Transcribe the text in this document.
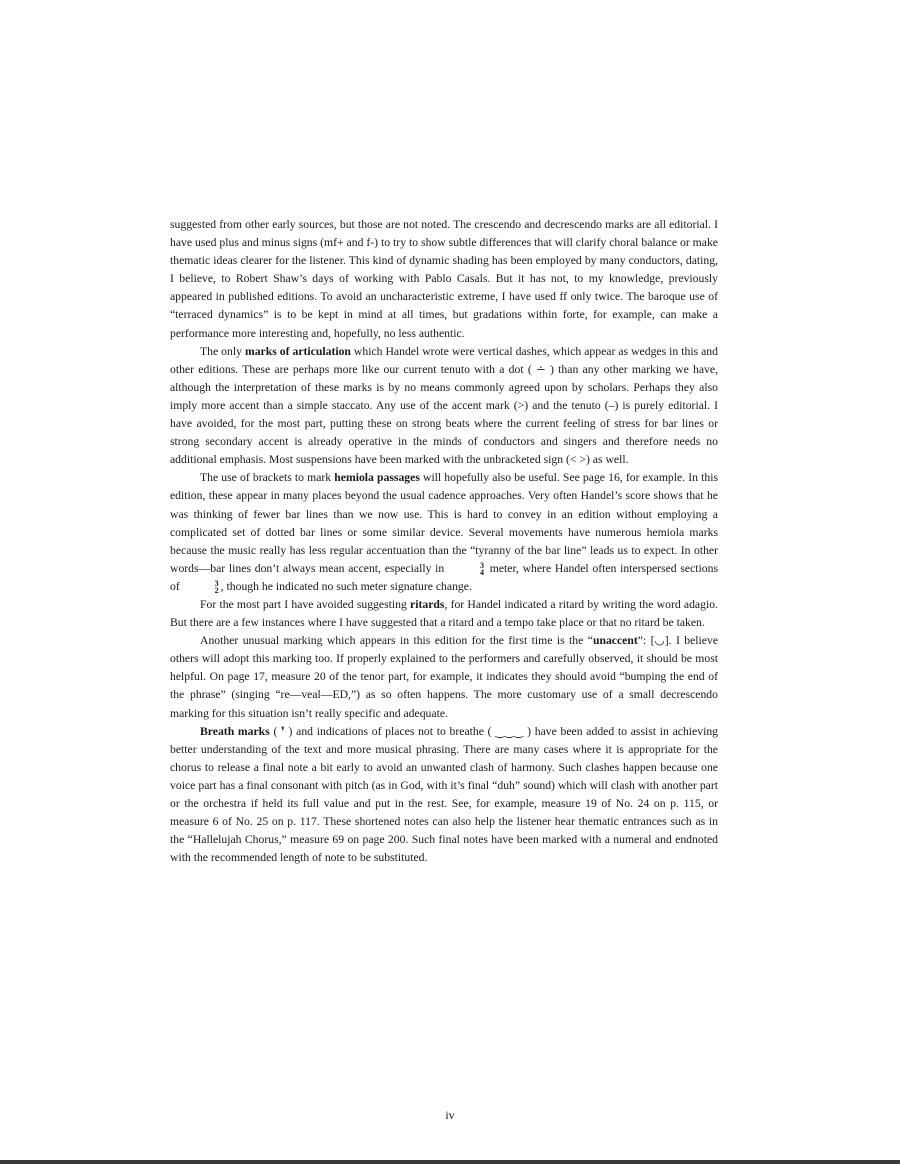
suggested from other early sources, but those are not noted. The crescendo and decrescendo marks are all editorial. I have used plus and minus signs (mf+ and f-) to try to show subtle differences that will clarify choral balance or make thematic ideas clearer for the listener. This kind of dynamic shading has been employed by many conductors, dating, I believe, to Robert Shaw’s days of working with Pablo Casals. But it has not, to my knowledge, previously appeared in published editions. To avoid an uncharacteristic extreme, I have used ff only twice. The baroque use of “terraced dynamics” is to be kept in mind at all times, but gradations within forte, for example, can make a performance more interesting and, hopefully, no less authentic.

The only marks of articulation which Handel wrote were vertical dashes, which appear as wedges in this and other editions. These are perhaps more like our current tenuto with a dot ( ∸ ) than any other marking we have, although the interpretation of these marks is by no means commonly agreed upon by scholars. Perhaps they also imply more accent than a simple staccato. Any use of the accent mark (>) and the tenuto (–) is purely editorial. I have avoided, for the most part, putting these on strong beats where the current feeling of stress for bar lines or strong secondary accent is already operative in the minds of conductors and singers and therefore needs no additional emphasis. Most suspensions have been marked with the unbracketed sign (< >) as well.

The use of brackets to mark hemiola passages will hopefully also be useful. See page 16, for example. In this edition, these appear in many places beyond the usual cadence approaches. Very often Handel’s score shows that he was thinking of fewer bar lines than we now use. This is hard to convey in an edition without employing a complicated set of dotted bar lines or some similar device. Several movements have numerous hemiola marks because the music really has less regular accentuation than the “tyranny of the bar line” leads us to expect. In other words—bar lines don’t always mean accent, especially in	3
4 meter, where Handel often interspersed sections of	3
2 , though he indicated no such meter signature change.

For the most part I have avoided suggesting ritards, for Handel indicated a ritard by writing the word adagio. But there are a few instances where I have suggested that a ritard and a tempo take place or that no ritard be taken.

Another unusual marking which appears in this edition for the first time is the “unaccent”: [◡]. I believe others will adopt this marking too. If properly explained to the performers and carefully observed, it should be most helpful. On page 17, measure 20 of the tenor part, for example, it indicates they should avoid “bumping the end of the phrase” (singing “re—veal—ED,”) as so often happens. The more customary use of a small decrescendo marking for this situation isn’t really specific and adequate.

Breath marks ( ❜ ) and indications of places not to breathe ( ‿‿‿ ) have been added to assist in achieving better understanding of the text and more musical phrasing. There are many cases where it is appropriate for the chorus to release a final note a bit early to avoid an unwanted clash of harmony. Such clashes happen because one voice part has a final consonant with pitch (as in God, with it’s final “duh” sound) which will clash with another part or the orchestra if held its full value and put in the rest. See, for example, measure 19 of No. 24 on p. 115, or measure 6 of No. 25 on p. 117. These shortened notes can also help the listener hear thematic entrances such as in the “Hallelujah Chorus,” measure 69 on page 200. Such final notes have been marked with a numeral and endnoted with the recommended length of note to be substituted.

iv
